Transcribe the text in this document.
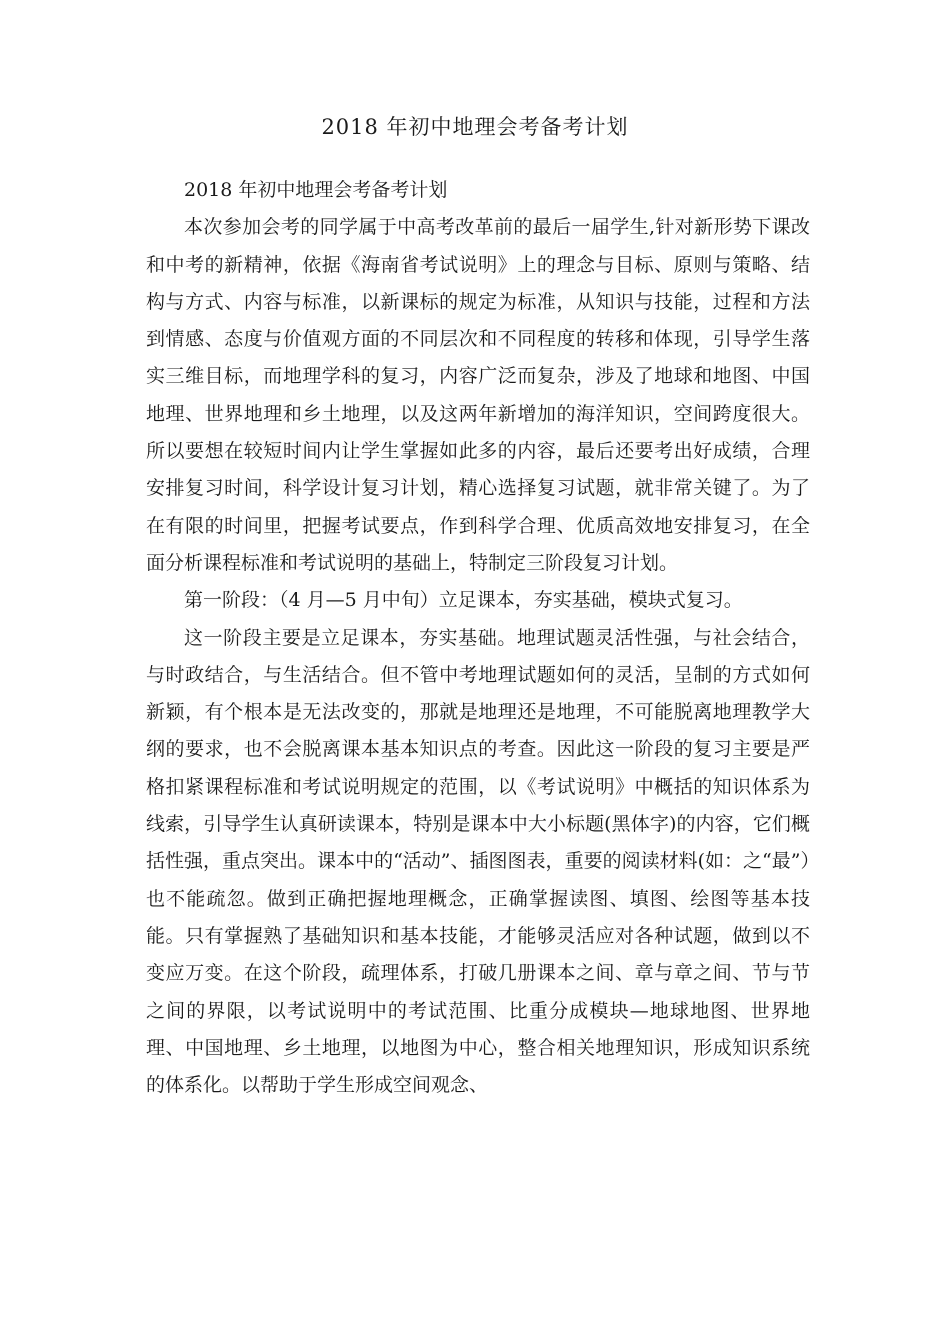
2018 年初中地理会考备考计划

2018 年初中地理会考备考计划

本次参加会考的同学属于中高考改革前的最后一届学生,针对新形势下课改和中考的新精神，依据《海南省考试说明》上的理念与目标、原则与策略、结构与方式、内容与标准，以新课标的规定为标准，从知识与技能，过程和方法到情感、态度与价值观方面的不同层次和不同程度的转移和体现，引导学生落实三维目标，而地理学科的复习，内容广泛而复杂，涉及了地球和地图、中国地理、世界地理和乡土地理，以及这两年新增加的海洋知识，空间跨度很大。所以要想在较短时间内让学生掌握如此多的内容，最后还要考出好成绩，合理安排复习时间，科学设计复习计划，精心选择复习试题，就非常关键了。为了在有限的时间里，把握考试要点，作到科学合理、优质高效地安排复习，在全面分析课程标准和考试说明的基础上，特制定三阶段复习计划。

第一阶段：（4 月—5 月中旬）立足课本，夯实基础，模块式复习。

这一阶段主要是立足课本，夯实基础。地理试题灵活性强，与社会结合，与时政结合，与生活结合。但不管中考地理试题如何的灵活，呈制的方式如何新颖，有个根本是无法改变的，那就是地理还是地理，不可能脱离地理教学大纲的要求，也不会脱离课本基本知识点的考查。因此这一阶段的复习主要是严格扣紧课程标准和考试说明规定的范围，以《考试说明》中概括的知识体系为线索，引导学生认真研读课本，特别是课本中大小标题(黑体字)的内容，它们概括性强，重点突出。课本中的“活动”、插图图表，重要的阅读材料(如：之“最”）也不能疏忽。做到正确把握地理概念，正确掌握读图、填图、绘图等基本技能。只有掌握熟了基础知识和基本技能，才能够灵活应对各种试题，做到以不变应万变。在这个阶段，疏理体系，打破几册课本之间、章与章之间、节与节之间的界限，以考试说明中的考试范围、比重分成模块—地球地图、世界地理、中国地理、乡土地理，以地图为中心，整合相关地理知识，形成知识系统的体系化。以帮助于学生形成空间观念、
